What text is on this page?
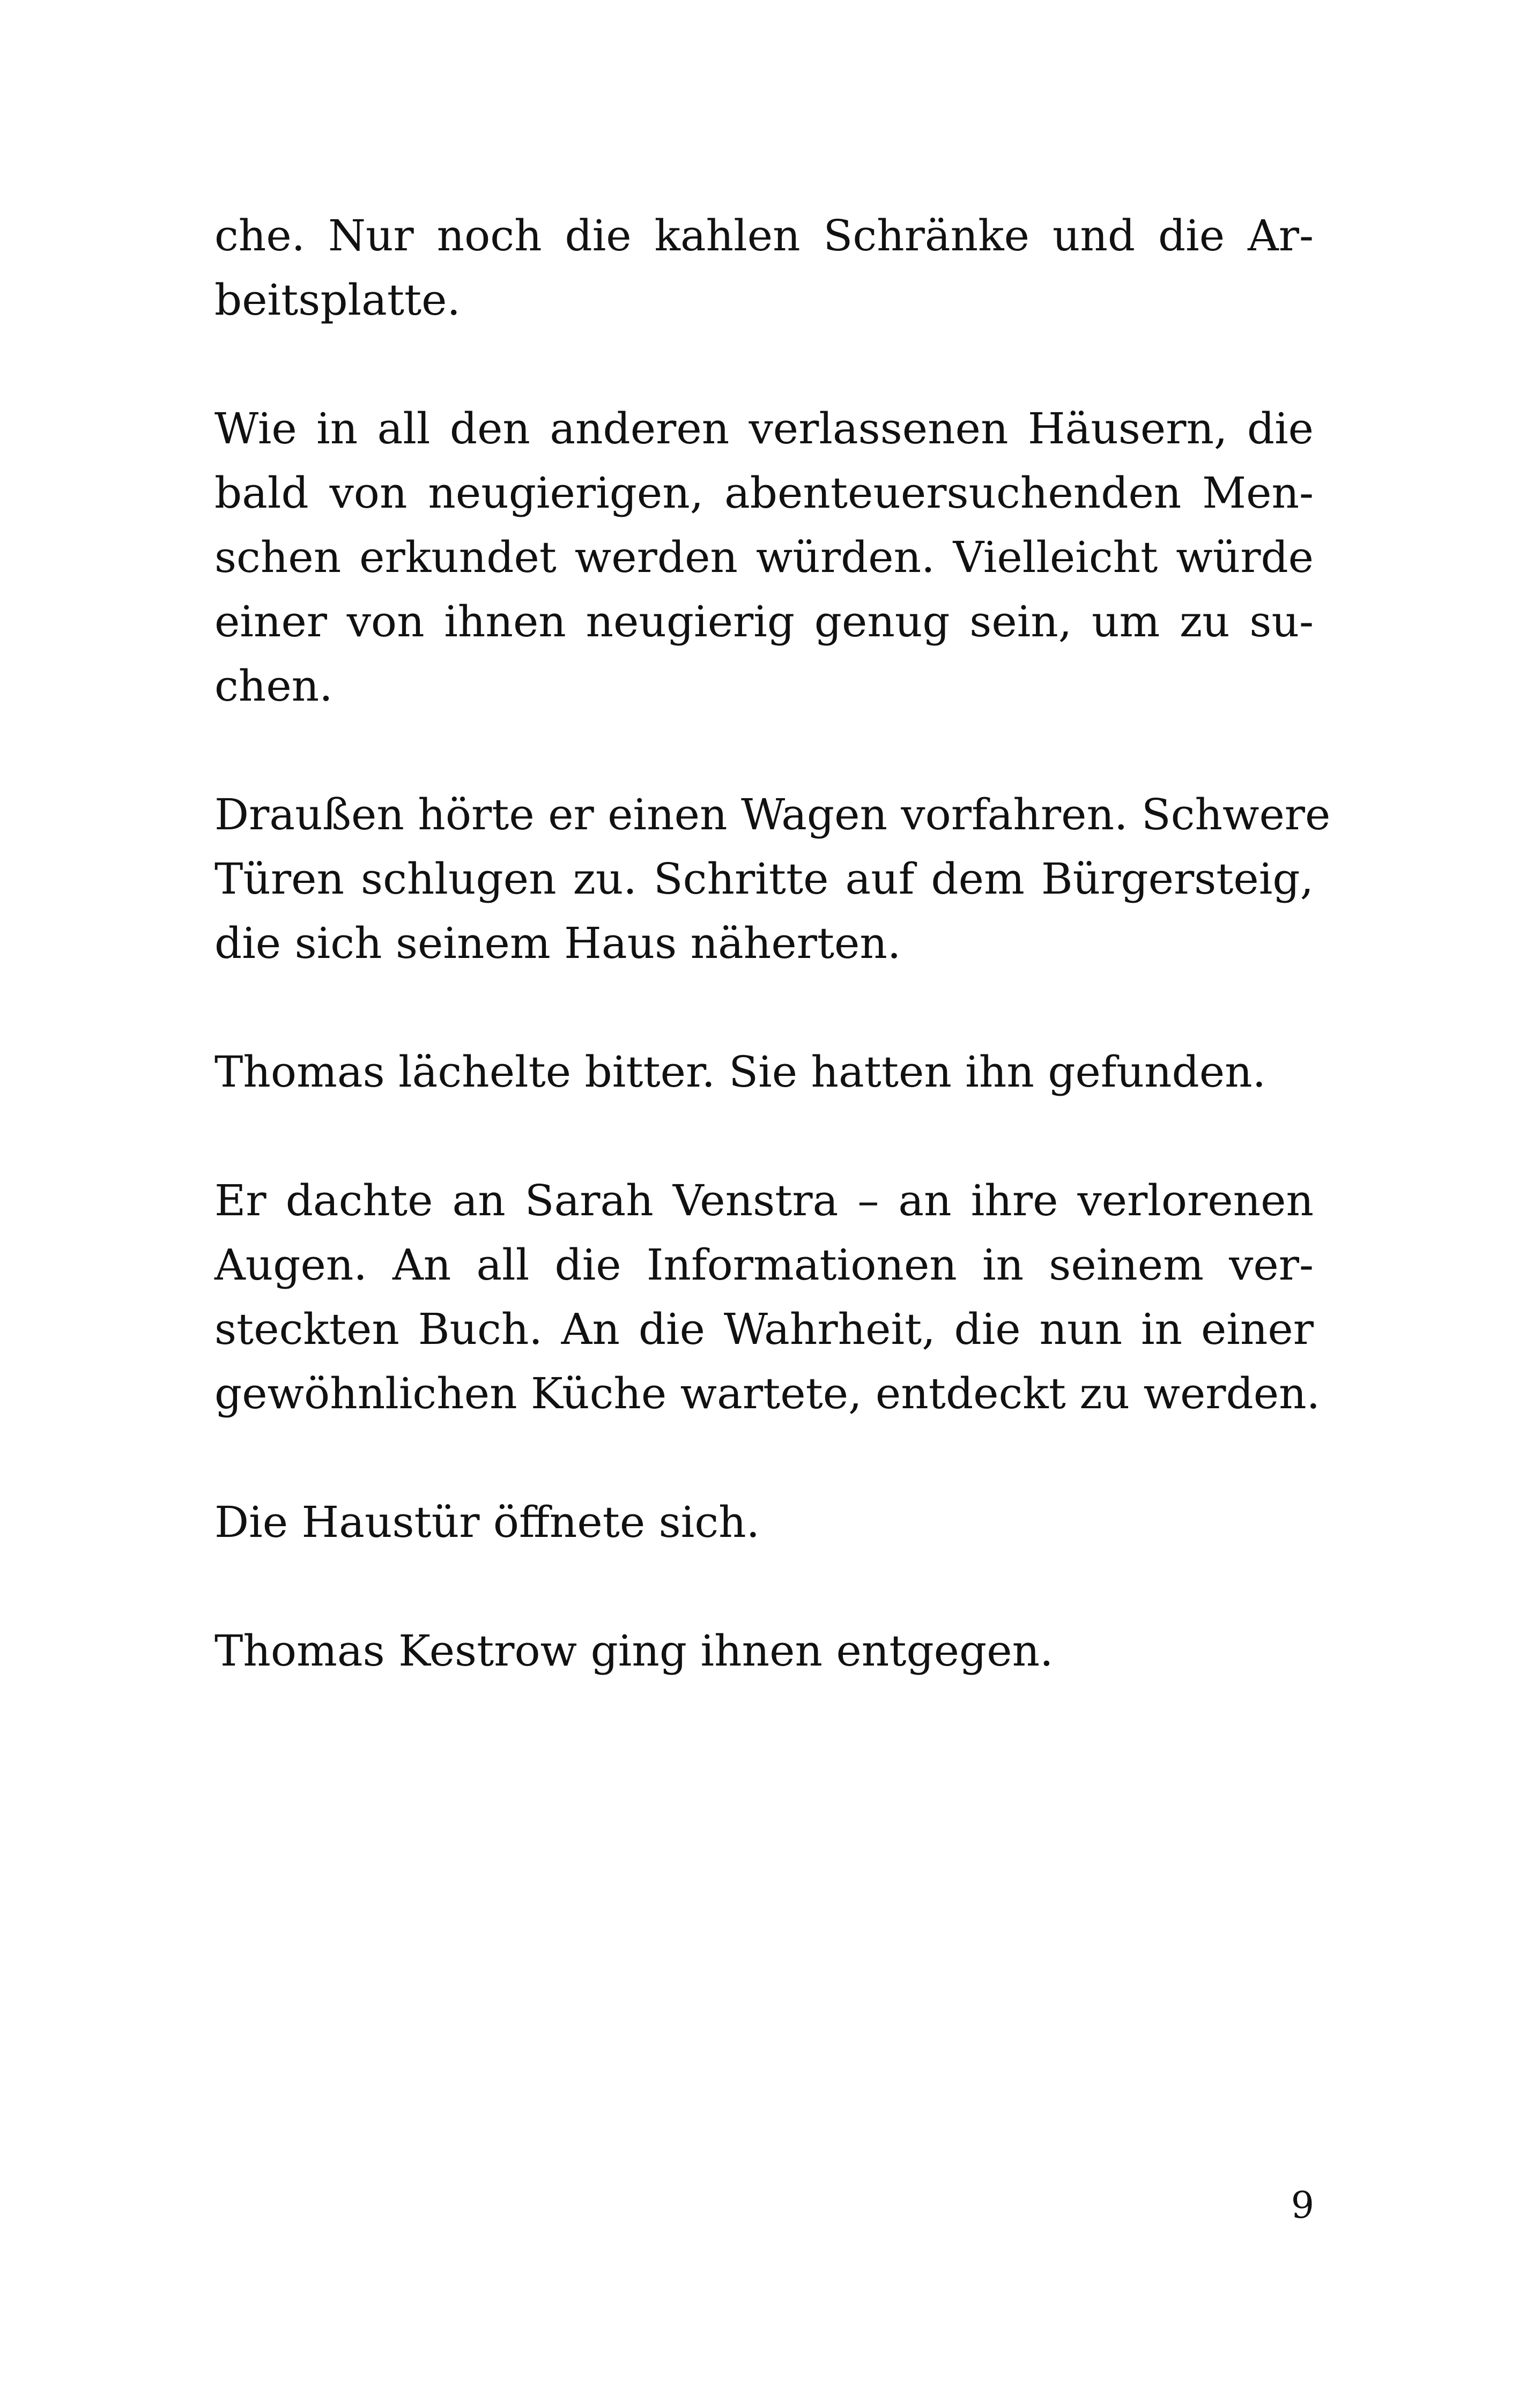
che. Nur noch die kahlen Schränke und die Ar-
beitsplatte.

Wie in all den anderen verlassenen Häusern, die
bald von neugierigen, abenteuersuchenden Men-
schen erkundet werden würden. Vielleicht würde
einer von ihnen neugierig genug sein, um zu su-
chen.

Draußen hörte er einen Wagen vorfahren. Schwere
Türen schlugen zu. Schritte auf dem Bürgersteig,
die sich seinem Haus näherten.

Thomas lächelte bitter. Sie hatten ihn gefunden.

Er dachte an Sarah Venstra – an ihre verlorenen
Augen. An all die Informationen in seinem ver-
steckten Buch. An die Wahrheit, die nun in einer
gewöhnlichen Küche wartete, entdeckt zu werden.

Die Haustür öffnete sich.

Thomas Kestrow ging ihnen entgegen.

9
